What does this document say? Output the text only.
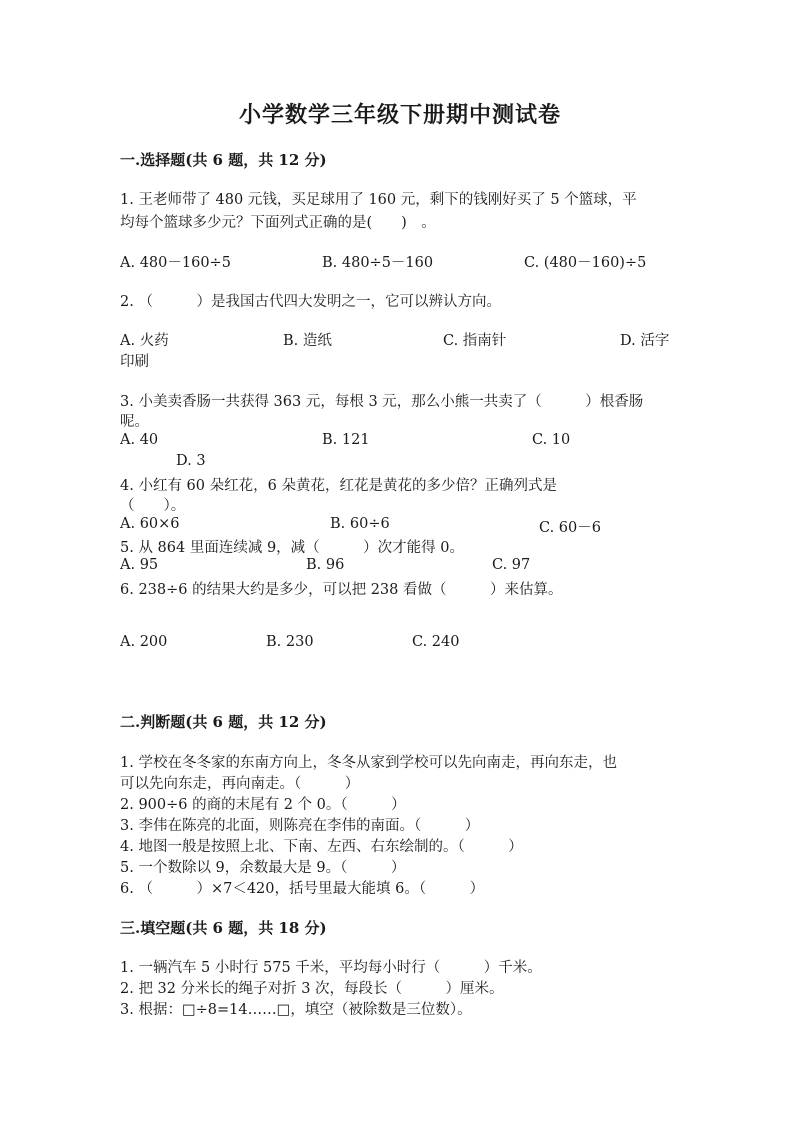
小学数学三年级下册期中测试卷
一.选择题(共 6 题，共 12 分)
1. 王老师带了 480 元钱，买足球用了 160 元，剩下的钱刚好买了 5 个篮球，平
均每个篮球多少元？下面列式正确的是(　　)　。
A. 480－160÷5	B. 480÷5－160	C. (480－160)÷5
2. （　　　）是我国古代四大发明之一，它可以辨认方向。
A. 火药	B. 造纸	C. 指南针	D. 活字
印刷
3. 小美卖香肠一共获得 363 元，每根 3 元，那么小熊一共卖了（　　　）根香肠
呢。
A. 40	B. 121	C. 10
D. 3
4. 小红有 60 朵红花，6 朵黄花，红花是黄花的多少倍？正确列式是
（　　）。
A. 60×6	B. 60÷6	C. 60－6
5. 从 864 里面连续减 9，减（　　　）次才能得 0。
A. 95	B. 96	C. 97
6. 238÷6 的结果大约是多少，可以把 238 看做（　　　）来估算。
A. 200	B. 230	C. 240
二.判断题(共 6 题，共 12 分)
1. 学校在冬冬家的东南方向上，冬冬从家到学校可以先向南走，再向东走，也
可以先向东走，再向南走。（　　　）
2. 900÷6 的商的末尾有 2 个 0。（　　　）
3. 李伟在陈亮的北面，则陈亮在李伟的南面。（　　　）
4. 地图一般是按照上北、下南、左西、右东绘制的。（　　　）
5. 一个数除以 9，余数最大是 9。（　　　）
6. （　　　）×7＜420，括号里最大能填 6。（　　　）
三.填空题(共 6 题，共 18 分)
1. 一辆汽车 5 小时行 575 千米，平均每小时行（　　　）千米。
2. 把 32 分米长的绳子对折 3 次，每段长（　　　）厘米。
3. 根据：□÷8=14……□，填空（被除数是三位数）。
